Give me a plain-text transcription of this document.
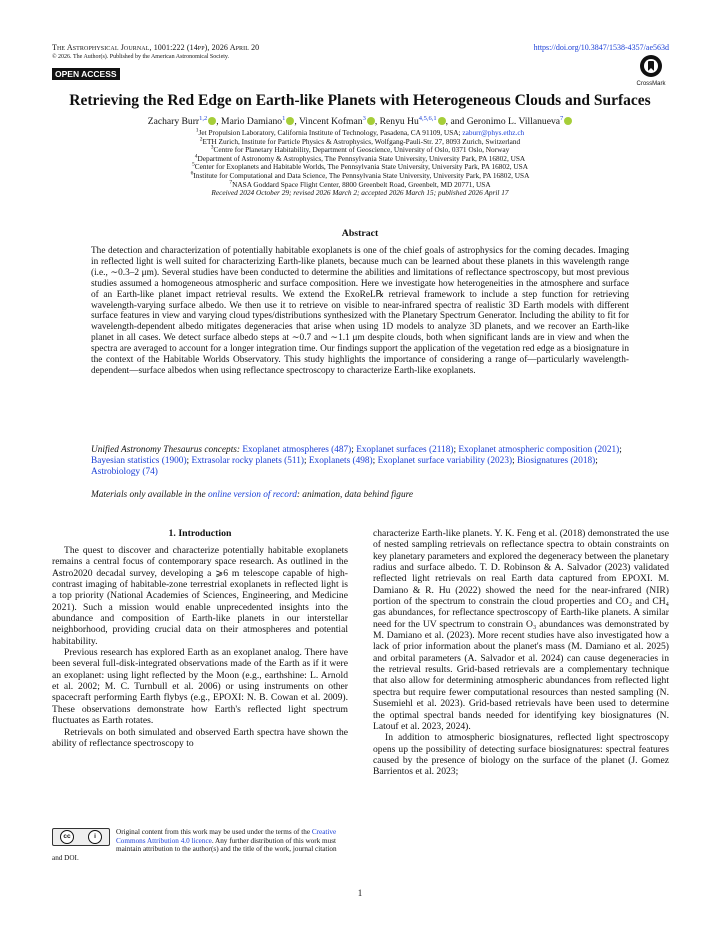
The Astrophysical Journal, 1001:222 (14pp), 2026 April 20
© 2026. The Author(s). Published by the American Astronomical Society.
OPEN ACCESS
https://doi.org/10.3847/1538-4357/ae563d
CrossMark
Retrieving the Red Edge on Earth-like Planets with Heterogeneous Clouds and Surfaces
Zachary Burr$^{1,2}$ , Mario Damiano$^1$ , Vincent Kofman$^3$ , Renyu Hu$^{4,5,6,1}$ , and Geronimo L. Villanueva$^7$
$^1$Jet Propulsion Laboratory, California Institute of Technology, Pasadena, CA 91109, USA; zaburr@phys.ethz.ch
$^2$ETH Zurich, Institute for Particle Physics & Astrophysics, Wolfgang-Pauli-Str. 27, 8093 Zurich, Switzerland
$^3$Centre for Planetary Habitability, Department of Geoscience, University of Oslo, 0371 Oslo, Norway
$^4$Department of Astronomy & Astrophysics, The Pennsylvania State University, University Park, PA 16802, USA
$^5$Center for Exoplanets and Habitable Worlds, The Pennsylvania State University, University Park, PA 16802, USA
$^6$Institute for Computational and Data Science, The Pennsylvania State University, University Park, PA 16802, USA
$^7$NASA Goddard Space Flight Center, 8800 Greenbelt Road, Greenbelt, MD 20771, USA
Received 2024 October 29; revised 2026 March 2; accepted 2026 March 15; published 2026 April 17
Abstract
The detection and characterization of potentially habitable exoplanets is one of the chief goals of astrophysics for the coming decades. Imaging in reflected light is well suited for characterizing Earth-like planets, because much can be learned about these planets in this wavelength range (i.e., ∼0.3–2 μm). Several studies have been conducted to determine the abilities and limitations of reflectance spectroscopy, but most previous studies assumed a homogeneous atmospheric and surface composition. Here we investigate how heterogeneities in the atmosphere and surface of an Earth-like planet impact retrieval results. We extend the ExoReL℞ retrieval framework to include a step function for retrieving wavelength-varying surface albedo. We then use it to retrieve on visible to near-infrared spectra of realistic 3D Earth models with different surface features in view and varying cloud types/distributions synthesized with the Planetary Spectrum Generator. Including the ability to fit for wavelength-dependent albedo mitigates degeneracies that arise when using 1D models to analyze 3D planets, and we recover an Earth-like planet in all cases. We detect surface albedo steps at ∼0.7 and ∼1.1 μm despite clouds, both when significant lands are in view and when the spectra are averaged to account for a longer integration time. Our findings support the application of the vegetation red edge as a biosignature in the context of the Habitable Worlds Observatory. This study highlights the importance of considering a range of—particularly wavelength-dependent—surface albedos when using reflectance spectroscopy to characterize Earth-like exoplanets.
Unified Astronomy Thesaurus concepts: Exoplanet atmospheres (487); Exoplanet surfaces (2118); Exoplanet atmospheric composition (2021); Bayesian statistics (1900); Extrasolar rocky planets (511); Exoplanets (498); Exoplanet surface variability (2023); Biosignatures (2018); Astrobiology (74)
Materials only available in the online version of record: animation, data behind figure
1. Introduction

The quest to discover and characterize potentially habitable exoplanets remains a central focus of contemporary space research. As outlined in the Astro2020 decadal survey, developing a ⩾6 m telescope capable of high-contrast imaging of habitable-zone terrestrial exoplanets in reflected light is a top priority (National Academies of Sciences, Engineering, and Medicine 2021). Such a mission would enable unprecedented insights into the abundance and composition of Earth-like planets in our interstellar neighborhood, providing crucial data on their atmospheres and potential habitability.

Previous research has explored Earth as an exoplanet analog. There have been several full-disk-integrated observations made of the Earth as if it were an exoplanet: using light reflected by the Moon (e.g., earthshine: L. Arnold et al. 2002; M. C. Turnbull et al. 2006) or using instruments on other spacecraft performing Earth flybys (e.g., EPOXI: N. B. Cowan et al. 2009). These observations demonstrate how Earth's reflected light spectrum fluctuates as Earth rotates.

Retrievals on both simulated and observed Earth spectra have shown the ability of reflectance spectroscopy to

characterize Earth-like planets. Y. K. Feng et al. (2018) demonstrated the use of nested sampling retrievals on reflectance spectra to obtain constraints on key planetary parameters and explored the degeneracy between the planetary radius and surface albedo. T. D. Robinson & A. Salvador (2023) validated reflected light retrievals on real Earth data captured from EPOXI. M. Damiano & R. Hu (2022) showed the need for the near-infrared (NIR) portion of the spectrum to constrain the cloud properties and CO₂ and CH₄ gas abundances, for reflectance spectroscopy of Earth-like planets. A similar need for the UV spectrum to constrain O₃ abundances was demonstrated by M. Damiano et al. (2023). More recent studies have also investigated how a lack of prior information about the planet's mass (M. Damiano et al. 2025) and orbital parameters (A. Salvador et al. 2024) can cause degeneracies in the retrieval results. Grid-based retrievals are a complementary technique that also allow for determining atmospheric abundances from reflected light spectra but require fewer computational resources than nested sampling (N. Susemiehl et al. 2023). Grid-based retrievals have been used to determine the optimal spectral bands needed for identifying key biosignatures (N. Latouf et al. 2023, 2024).

In addition to atmospheric biosignatures, reflected light spectroscopy opens up the possibility of detecting surface biosignatures: spectral features caused by the presence of biology on the surface of the planet (J. Gomez Barrientos et al. 2023;

cc	i
Original content from this work may be used under the terms of the Creative Commons Attribution 4.0 licence. Any further distribution of this work must maintain attribution to the author(s) and the title of the work, journal citation and DOI.
1
